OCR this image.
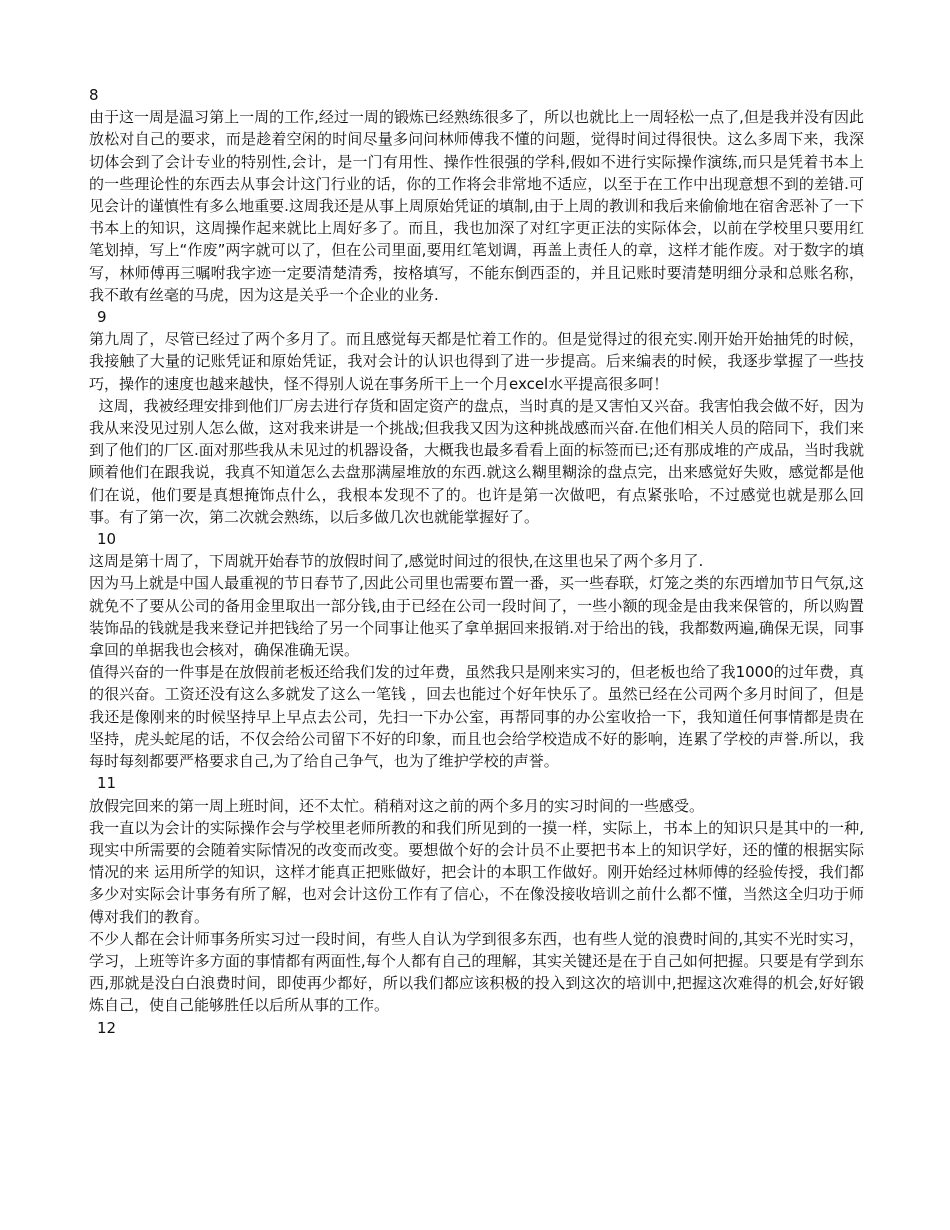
8

由于这一周是温习第上一周的工作,经过一周的锻炼已经熟练很多了，所以也就比上一周轻松一点了,但是我并没有因此放松对自己的要求，而是趁着空闲的时间尽量多问问林师傅我不懂的问题，觉得时间过得很快。这么多周下来，我深切体会到了会计专业的特别性,会计，是一门有用性、操作性很强的学科,假如不进行实际操作演练,而只是凭着书本上的一些理论性的东西去从事会计这门行业的话，你的工作将会非常地不适应，以至于在工作中出现意想不到的差错.可见会计的谨慎性有多么地重要.这周我还是从事上周原始凭证的填制,由于上周的教训和我后来偷偷地在宿舍恶补了一下书本上的知识，这周操作起来就比上周好多了。而且，我也加深了对红字更正法的实际体会，以前在学校里只要用红笔划掉，写上“作废”两字就可以了，但在公司里面,要用红笔划调，再盖上责任人的章，这样才能作废。对于数字的填写，林师傅再三嘱咐我字迹一定要清楚清秀，按格填写，不能东倒西歪的，并且记账时要清楚明细分录和总账名称，我不敢有丝毫的马虎，因为这是关乎一个企业的业务.

9

第九周了，尽管已经过了两个多月了。而且感觉每天都是忙着工作的。但是觉得过的很充实.刚开始开始抽凭的时候，我接触了大量的记账凭证和原始凭证，我对会计的认识也得到了进一步提高。后来编表的时候，我逐步掌握了一些技巧，操作的速度也越来越快，怪不得别人说在事务所干上一个月excel水平提高很多呵！

这周，我被经理安排到他们厂房去进行存货和固定资产的盘点，当时真的是又害怕又兴奋。我害怕我会做不好，因为我从来没见过别人怎么做，这对我来讲是一个挑战;但我我又因为这种挑战感而兴奋.在他们相关人员的陪同下，我们来到了他们的厂区.面对那些我从未见过的机器设备，大概我也最多看看上面的标签而已;还有那成堆的产成品，当时我就顾着他们在跟我说，我真不知道怎么去盘那满屋堆放的东西.就这么糊里糊涂的盘点完，出来感觉好失败，感觉都是他们在说，他们要是真想掩饰点什么，我根本发现不了的。也许是第一次做吧，有点紧张哈，不过感觉也就是那么回事。有了第一次，第二次就会熟练，以后多做几次也就能掌握好了。

10

这周是第十周了，下周就开始春节的放假时间了,感觉时间过的很快,在这里也呆了两个多月了.

因为马上就是中国人最重视的节日春节了,因此公司里也需要布置一番，买一些春联，灯笼之类的东西增加节日气氛,这就免不了要从公司的备用金里取出一部分钱,由于已经在公司一段时间了，一些小额的现金是由我来保管的，所以购置装饰品的钱就是我来登记并把钱给了另一个同事让他买了拿单据回来报销.对于给出的钱，我都数两遍,确保无误，同事拿回的单据我也会核对，确保准确无误。

值得兴奋的一件事是在放假前老板还给我们发的过年费，虽然我只是刚来实习的，但老板也给了我1000的过年费，真的很兴奋。工资还没有这么多就发了这么一笔钱 ，回去也能过个好年快乐了。虽然已经在公司两个多月时间了，但是我还是像刚来的时候坚持早上早点去公司，先扫一下办公室，再帮同事的办公室收拾一下，我知道任何事情都是贵在坚持，虎头蛇尾的话，不仅会给公司留下不好的印象，而且也会给学校造成不好的影响，连累了学校的声誉.所以，我每时每刻都要严格要求自己,为了给自己争气，也为了维护学校的声誉。

11

放假完回来的第一周上班时间，还不太忙。稍稍对这之前的两个多月的实习时间的一些感受。

我一直以为会计的实际操作会与学校里老师所教的和我们所见到的一摸一样，实际上，书本上的知识只是其中的一种,现实中所需要的会随着实际情况的改变而改变。要想做个好的会计员不止要把书本上的知识学好，还的懂的根据实际情况的来 运用所学的知识，这样才能真正把账做好，把会计的本职工作做好。刚开始经过林师傅的经验传授，我们都多少对实际会计事务有所了解，也对会计这份工作有了信心，不在像没接收培训之前什么都不懂，当然这全归功于师傅对我们的教育。

不少人都在会计师事务所实习过一段时间，有些人自认为学到很多东西，也有些人觉的浪费时间的,其实不光时实习，学习，上班等许多方面的事情都有两面性,每个人都有自己的理解，其实关键还是在于自己如何把握。只要是有学到东西,那就是没白白浪费时间，即使再少都好，所以我们都应该积极的投入到这次的培训中,把握这次难得的机会,好好锻炼自己，使自己能够胜任以后所从事的工作。

12
